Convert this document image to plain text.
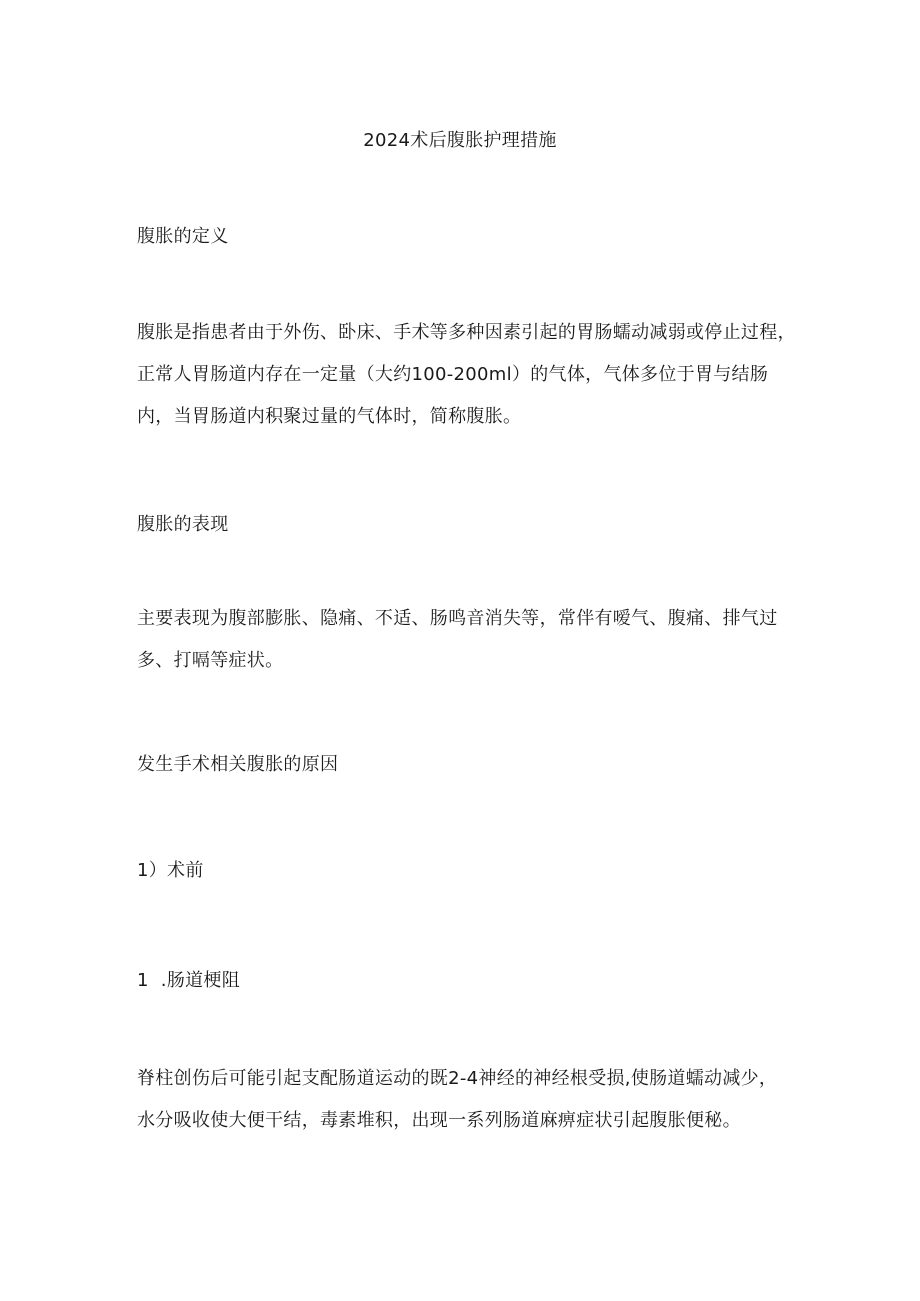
2024术后腹胀护理措施
腹胀的定义
腹胀是指患者由于外伤、卧床、手术等多种因素引起的胃肠蠕动减弱或停止过程，
正常人胃肠道内存在一定量（大约100-200ml）的气体，气体多位于胃与结肠
内，当胃肠道内积聚过量的气体时，简称腹胀。
腹胀的表现
主要表现为腹部膨胀、隐痛、不适、肠鸣音消失等，常伴有嗳气、腹痛、排气过
多、打嗝等症状。
发生手术相关腹胀的原因
1）术前
1  .肠道梗阻
脊柱创伤后可能引起支配肠道运动的既2-4神经的神经根受损,使肠道蠕动减少，
水分吸收使大便干结，毒素堆积，出现一系列肠道麻痹症状引起腹胀便秘。
